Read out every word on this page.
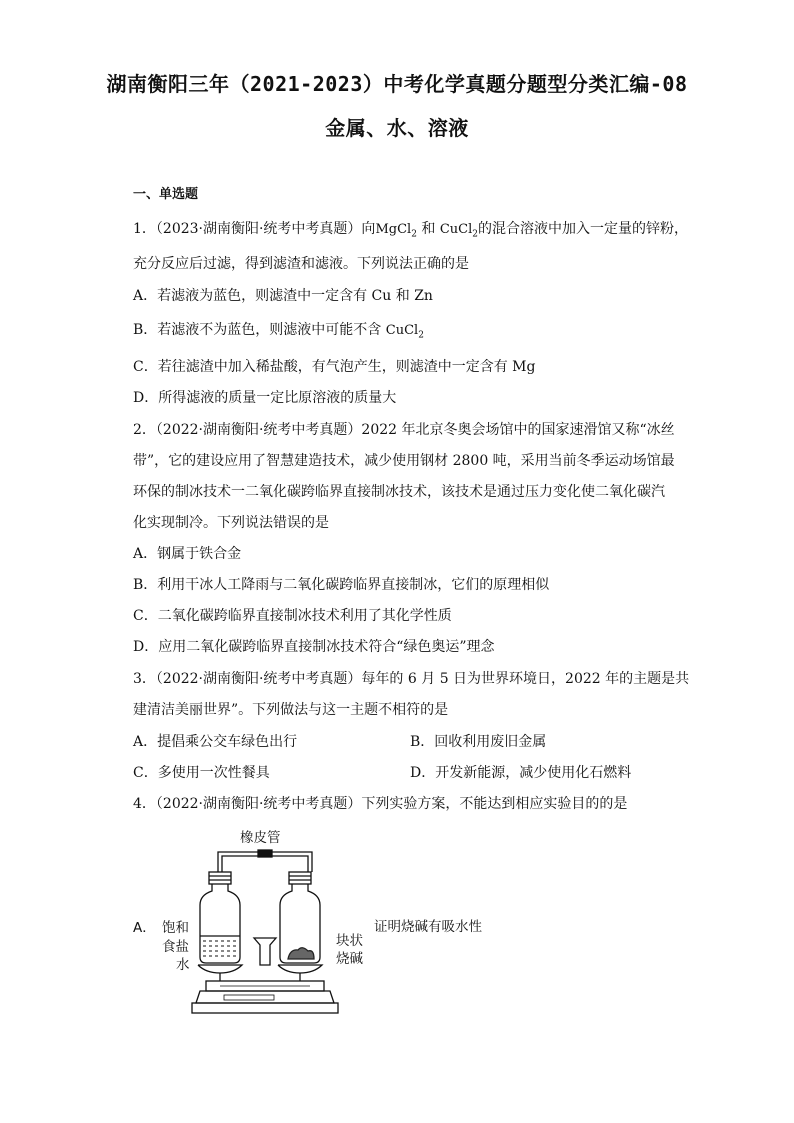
湖南衡阳三年（2021-2023）中考化学真题分题型分类汇编-08
金属、水、溶液
一、单选题
1．（2023·湖南衡阳·统考中考真题）向MgCl$_2$ 和 CuCl$_2$的混合溶液中加入一定量的锌粉，
充分反应后过滤，得到滤渣和滤液。下列说法正确的是
A．若滤液为蓝色，则滤渣中一定含有 Cu 和 Zn
B．若滤液不为蓝色，则滤液中可能不含 CuCl$_2$
C．若往滤渣中加入稀盐酸，有气泡产生，则滤渣中一定含有 Mg
D．所得滤液的质量一定比原溶液的质量大
2．（2022·湖南衡阳·统考中考真题）2022 年北京冬奥会场馆中的国家速滑馆又称“冰丝
带”，它的建设应用了智慧建造技术，减少使用钢材 2800 吨，采用当前冬季运动场馆最
环保的制冰技术一二氧化碳跨临界直接制冰技术，该技术是通过压力变化使二氧化碳汽
化实现制冷。下列说法错误的是
A．钢属于铁合金
B．利用干冰人工降雨与二氧化碳跨临界直接制冰，它们的原理相似
C．二氧化碳跨临界直接制冰技术利用了其化学性质
D．应用二氧化碳跨临界直接制冰技术符合“绿色奥运”理念
3．（2022·湖南衡阳·统考中考真题）每年的 6 月 5 日为世界环境日，2022 年的主题是共
建清洁美丽世界”。下列做法与这一主题不相符的是
A．提倡乘公交车绿色出行	B．回收利用废旧金属
C．多使用一次性餐具	D．开发新能源，减少使用化石燃料
4．（2022·湖南衡阳·统考中考真题）下列实验方案，不能达到相应实验目的的是
橡皮管
A． 饱和
食盐
水
块状
烧碱
证明烧碱有吸水性
